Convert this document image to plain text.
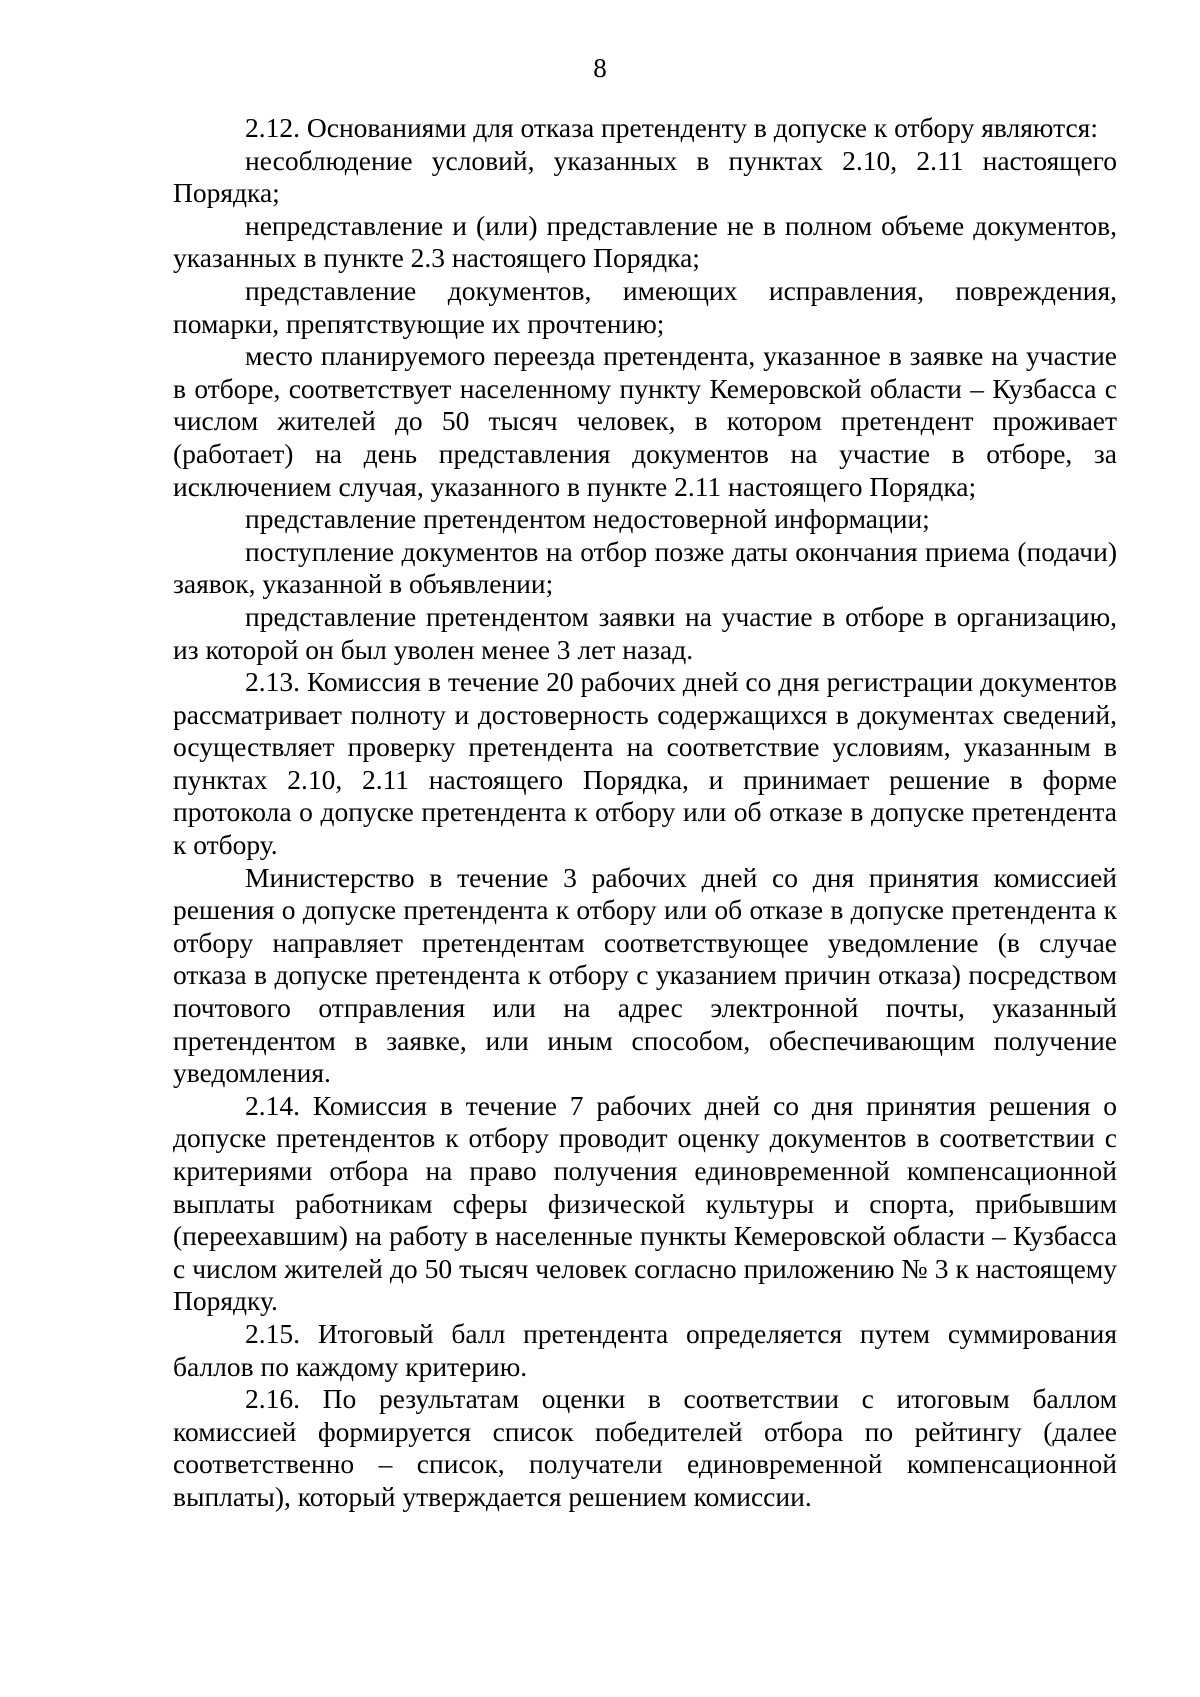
8

2.12. Основаниями для отказа претенденту в допуске к отбору являются:

несоблюдение условий, указанных в пунктах 2.10, 2.11 настоящего Порядка;

непредставление и (или) представление не в полном объеме документов, указанных в пункте 2.3 настоящего Порядка;

представление документов, имеющих исправления, повреждения, помарки, препятствующие их прочтению;

место планируемого переезда претендента, указанное в заявке на участие в отборе, соответствует населенному пункту Кемеровской области – Кузбасса с числом жителей до 50 тысяч человек, в котором претендент проживает (работает) на день представления документов на участие в отборе, за исключением случая, указанного в пункте 2.11 настоящего Порядка;

представление претендентом недостоверной информации;

поступление документов на отбор позже даты окончания приема (подачи) заявок, указанной в объявлении;

представление претендентом заявки на участие в отборе в организацию, из которой он был уволен менее 3 лет назад.

2.13. Комиссия в течение 20 рабочих дней со дня регистрации документов рассматривает полноту и достоверность содержащихся в документах сведений, осуществляет проверку претендента на соответствие условиям, указанным в пунктах 2.10, 2.11 настоящего Порядка, и принимает решение в форме протокола о допуске претендента к отбору или об отказе в допуске претендента к отбору.

Министерство в течение 3 рабочих дней со дня принятия комиссией решения о допуске претендента к отбору или об отказе в допуске претендента к отбору направляет претендентам соответствующее уведомление (в случае отказа в допуске претендента к отбору с указанием причин отказа) посредством почтового отправления или на адрес электронной почты, указанный претендентом в заявке, или иным способом, обеспечивающим получение уведомления.

2.14. Комиссия в течение 7 рабочих дней со дня принятия решения о допуске претендентов к отбору проводит оценку документов в соответствии с критериями отбора на право получения единовременной компенсационной выплаты работникам сферы физической культуры и спорта, прибывшим (переехавшим) на работу в населенные пункты Кемеровской области – Кузбасса с числом жителей до 50 тысяч человек согласно приложению № 3 к настоящему Порядку.

2.15. Итоговый балл претендента определяется путем суммирования баллов по каждому критерию.

2.16. По результатам оценки в соответствии с итоговым баллом комиссией формируется список победителей отбора по рейтингу (далее соответственно – список, получатели единовременной компенсационной выплаты), который утверждается решением комиссии.
